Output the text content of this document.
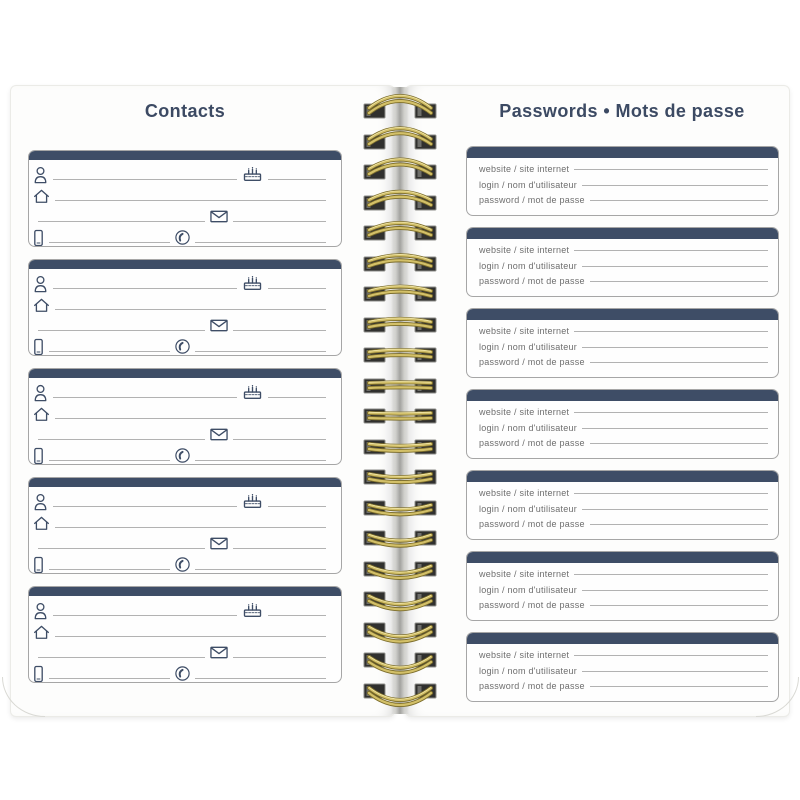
Contacts	Passwords • Mots de passe
website / site internet
login / nom d'utilisateur
password / mot de passe
website / site internet
login / nom d'utilisateur
password / mot de passe
website / site internet
login / nom d'utilisateur
password / mot de passe
website / site internet
login / nom d'utilisateur
password / mot de passe
website / site internet
login / nom d'utilisateur
password / mot de passe
website / site internet
login / nom d'utilisateur
password / mot de passe
website / site internet
login / nom d'utilisateur
password / mot de passe
